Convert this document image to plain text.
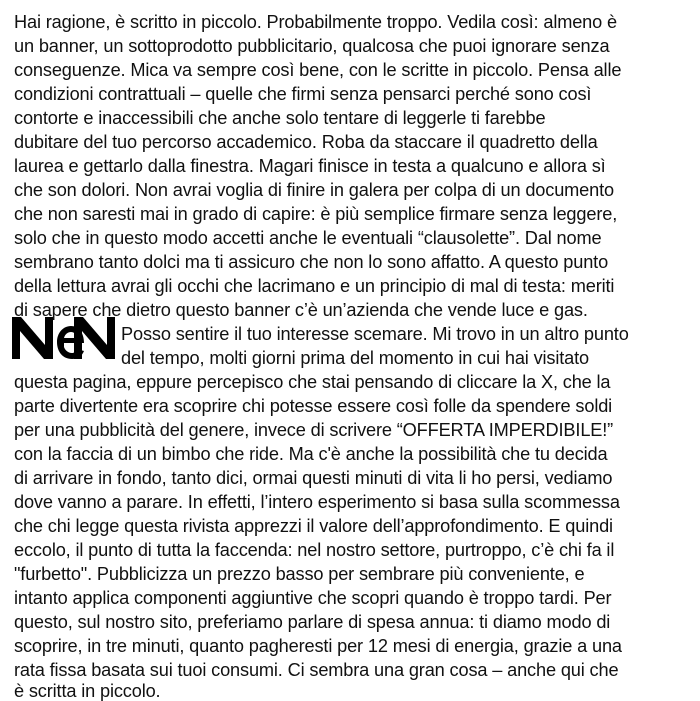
Hai ragione, è scritto in piccolo. Probabilmente troppo. Vedila così: almeno è
un banner, un sottoprodotto pubblicitario, qualcosa che puoi ignorare senza
conseguenze. Mica va sempre così bene, con le scritte in piccolo. Pensa alle
condizioni contrattuali – quelle che firmi senza pensarci perché sono così
contorte e inaccessibili che anche solo tentare di leggerle ti farebbe
dubitare del tuo percorso accademico. Roba da staccare il quadretto della
laurea e gettarlo dalla finestra. Magari finisce in testa a qualcuno e allora sì
che son dolori. Non avrai voglia di finire in galera per colpa di un documento
che non saresti mai in grado di capire: è più semplice firmare senza leggere,
solo che in questo modo accetti anche le eventuali “clausolette”. Dal nome
sembrano tanto dolci ma ti assicuro che non lo sono affatto. A questo punto
della lettura avrai gli occhi che lacrimano e un principio di mal di testa: meriti
di sapere che dietro questo banner c’è un’azienda che vende luce e gas.
Posso sentire il tuo interesse scemare. Mi trovo in un altro punto
del tempo, molti giorni prima del momento in cui hai visitato
questa pagina, eppure percepisco che stai pensando di cliccare la X, che la
parte divertente era scoprire chi potesse essere così folle da spendere soldi
per una pubblicità del genere, invece di scrivere “OFFERTA IMPERDIBILE!”
con la faccia di un bimbo che ride. Ma c'è anche la possibilità che tu decida
di arrivare in fondo, tanto dici, ormai questi minuti di vita li ho persi, vediamo
dove vanno a parare. In effetti, l’intero esperimento si basa sulla scommessa
che chi legge questa rivista apprezzi il valore dell’approfondimento. E quindi
eccolo, il punto di tutta la faccenda: nel nostro settore, purtroppo, c’è chi fa il
"furbetto". Pubblicizza un prezzo basso per sembrare più conveniente, e
intanto applica componenti aggiuntive che scopri quando è troppo tardi. Per
questo, sul nostro sito, preferiamo parlare di spesa annua: ti diamo modo di
scoprire, in tre minuti, quanto pagheresti per 12 mesi di energia, grazie a una
rata fissa basata sui tuoi consumi. Ci sembra una gran cosa – anche qui che
è scritta in piccolo.
